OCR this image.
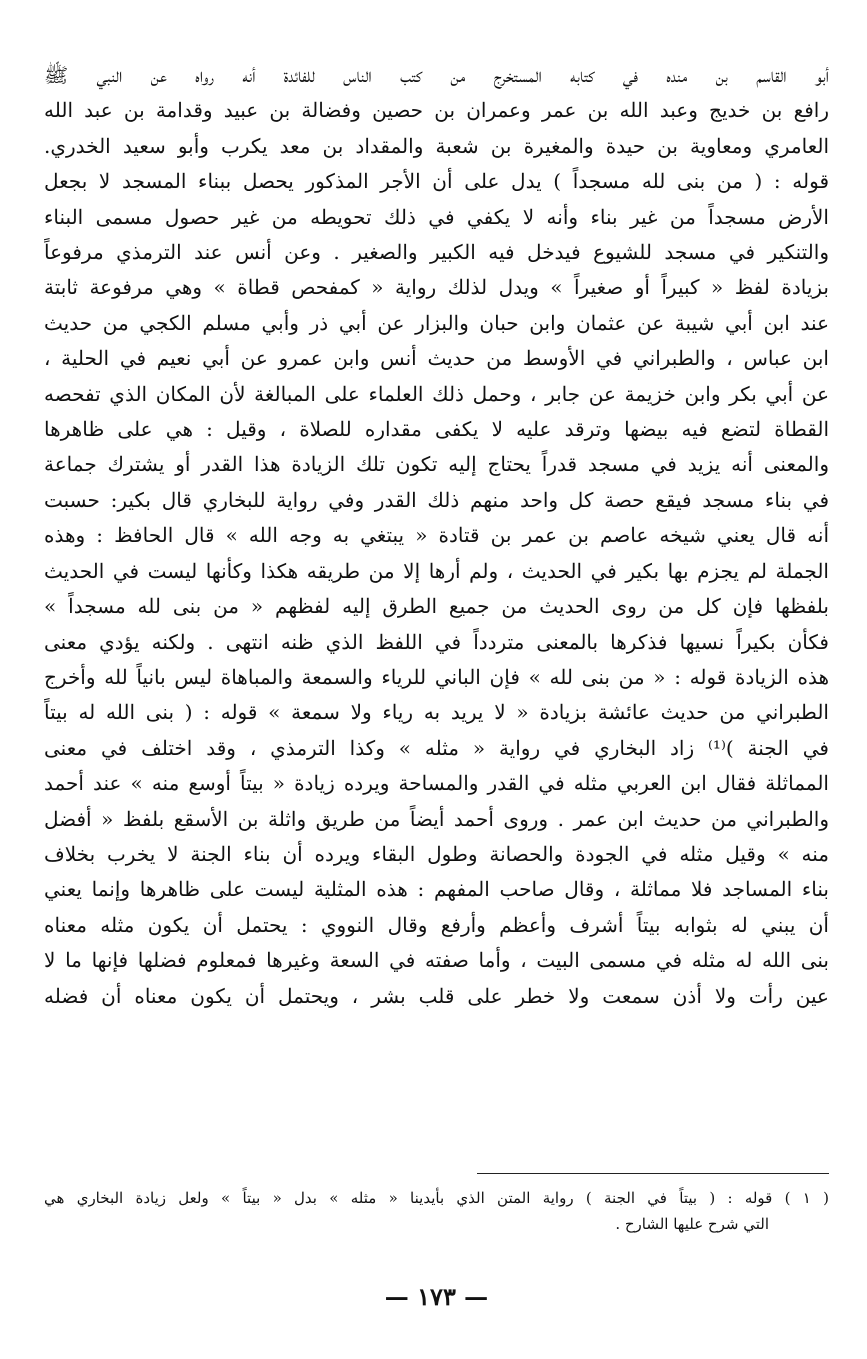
أبو القاسم بن منده في كتابه المستخرج من كتب الناس للفائدة أنه رواه عن النبي ﷺ
رافع بن خديج وعبد الله بن عمر وعمران بن حصين وفضالة بن عبيد وقدامة بن عبد الله
العامري ومعاوية بن حيدة والمغيرة بن شعبة والمقداد بن معد يكرب وأبو سعيد الخدري.
قوله : ( من بنى لله مسجداً ) يدل على أن الأجر المذكور يحصل ببناء المسجد لا بجعل
الأرض مسجداً من غير بناء وأنه لا يكفي في ذلك تحويطه من غير حصول مسمى البناء
والتنكير في مسجد للشيوع فيدخل فيه الكبير والصغير . وعن أنس عند الترمذي مرفوعاً
بزيادة لفظ « كبيراً أو صغيراً » ويدل لذلك رواية « كمفحص قطاة » وهي مرفوعة ثابتة
عند ابن أبي شيبة عن عثمان وابن حبان والبزار عن أبي ذر وأبي مسلم الكجي من حديث
ابن عباس ، والطبراني في الأوسط من حديث أنس وابن عمرو عن أبي نعيم في الحلية ،
عن أبي بكر وابن خزيمة عن جابر ، وحمل ذلك العلماء على المبالغة لأن المكان الذي تفحصه
القطاة لتضع فيه بيضها وترقد عليه لا يكفى مقداره للصلاة ، وقيل : هي على ظاهرها
والمعنى أنه يزيد في مسجد قدراً يحتاج إليه تكون تلك الزيادة هذا القدر أو يشترك جماعة
في بناء مسجد فيقع حصة كل واحد منهم ذلك القدر وفي رواية للبخاري قال بكير: حسبت
أنه قال يعني شيخه عاصم بن عمر بن قتادة « يبتغي به وجه الله » قال الحافظ : وهذه
الجملة لم يجزم بها بكير في الحديث ، ولم أرها إلا من طريقه هكذا وكأنها ليست في الحديث
بلفظها فإن كل من روى الحديث من جميع الطرق إليه لفظهم « من بنى لله مسجداً »
فكأن بكيراً نسيها فذكرها بالمعنى متردداً في اللفظ الذي ظنه انتهى . ولكنه يؤدي معنى
هذه الزيادة قوله : « من بنى لله » فإن الباني للرياء والسمعة والمباهاة ليس بانياً لله وأخرج
الطبراني من حديث عائشة بزيادة « لا يريد به رياء ولا سمعة » قوله : ( بنى الله له بيتاً
في الجنة )⁽¹⁾ زاد البخاري في رواية « مثله » وكذا الترمذي ، وقد اختلف في معنى
المماثلة فقال ابن العربي مثله في القدر والمساحة ويرده زيادة « بيتاً أوسع منه » عند أحمد
والطبراني من حديث ابن عمر . وروى أحمد أيضاً من طريق واثلة بن الأسقع بلفظ « أفضل
منه » وقيل مثله في الجودة والحصانة وطول البقاء ويرده أن بناء الجنة لا يخرب بخلاف
بناء المساجد فلا مماثلة ، وقال صاحب المفهم : هذه المثلية ليست على ظاهرها وإنما يعني
أن يبني له بثوابه بيتاً أشرف وأعظم وأرفع وقال النووي : يحتمل أن يكون مثله معناه
بنى الله له مثله في مسمى البيت ، وأما صفته في السعة وغيرها فمعلوم فضلها فإنها ما لا
عين رأت ولا أذن سمعت ولا خطر على قلب بشر ، ويحتمل أن يكون معناه أن فضله
( ١ ) قوله : ( بيتاً في الجنة ) رواية المتن الذي بأيدينا « مثله » بدل « بيتاً » ولعل زيادة البخاري هي
التي شرح عليها الشارح .
— ١٧٣ —
